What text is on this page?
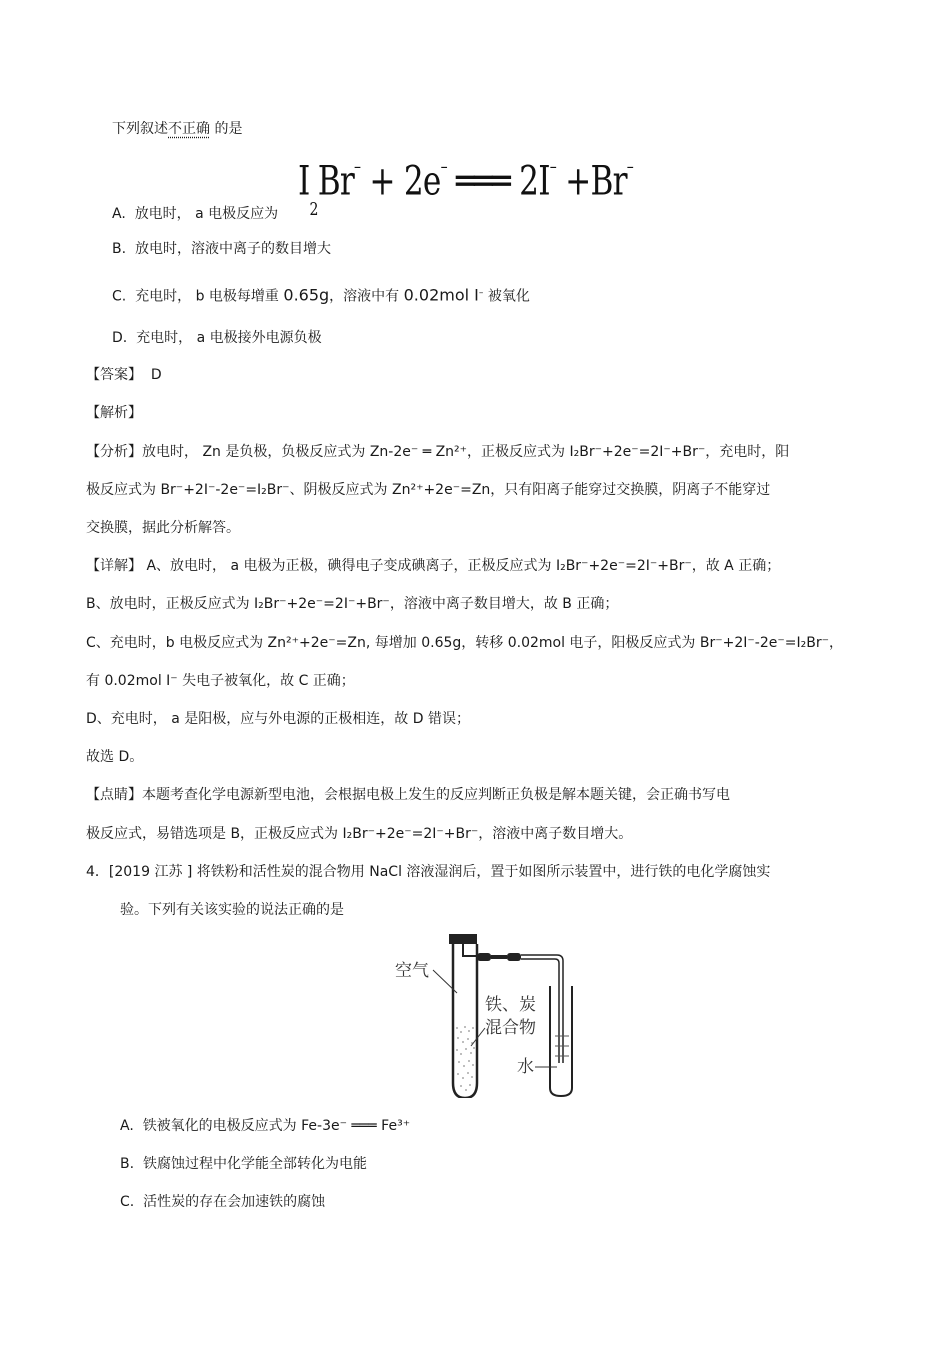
下列叙述不正确 的是
$I_2Br^- + 2e^-$ ═══ 2I– +Br–
A. 放电时， a 电极反应为
B. 放电时，溶液中离子的数目增大
C. 充电时， b 电极每增重 0.65g，溶液中有 0.02mol I– 被氧化
D. 充电时， a 电极接外电源负极
【答案】 D
【解析】
【分析】放电时， Zn 是负极，负极反应式为 Zn-2e⁻ ═ Zn²⁺，正极反应式为 I₂Br⁻+2e⁻=2I⁻+Br⁻，充电时，阳
极反应式为 Br⁻+2I⁻-2e⁻=I₂Br⁻、阴极反应式为 Zn²⁺+2e⁻=Zn，只有阳离子能穿过交换膜，阴离子不能穿过
交换膜，据此分析解答。
【详解】 A、放电时， a 电极为正极，碘得电子变成碘离子，正极反应式为 I₂Br⁻+2e⁻=2I⁻+Br⁻，故 A 正确；
B、放电时，正极反应式为 I₂Br⁻+2e⁻=2I⁻+Br⁻，溶液中离子数目增大，故 B 正确；
C、充电时，b 电极反应式为 Zn²⁺+2e⁻=Zn, 每增加 0.65g，转移 0.02mol 电子，阳极反应式为 Br⁻+2I⁻-2e⁻=I₂Br⁻，
有 0.02mol I⁻ 失电子被氧化，故 C 正确；
D、充电时， a 是阳极，应与外电源的正极相连，故 D 错误；
故选 D。
【点睛】本题考查化学电源新型电池，会根据电极上发生的反应判断正负极是解本题关键，会正确书写电
极反应式，易错选项是 B，正极反应式为 I₂Br⁻+2e⁻=2I⁻+Br⁻，溶液中离子数目增大。
4．[2019 江苏 ] 将铁粉和活性炭的混合物用 NaCl 溶液湿润后，置于如图所示装置中，进行铁的电化学腐蚀实
验。下列有关该实验的说法正确的是
空气
铁、炭
混合物
水
A. 铁被氧化的电极反应式为 Fe-3e⁻ ═══ Fe³⁺
B. 铁腐蚀过程中化学能全部转化为电能
C. 活性炭的存在会加速铁的腐蚀
